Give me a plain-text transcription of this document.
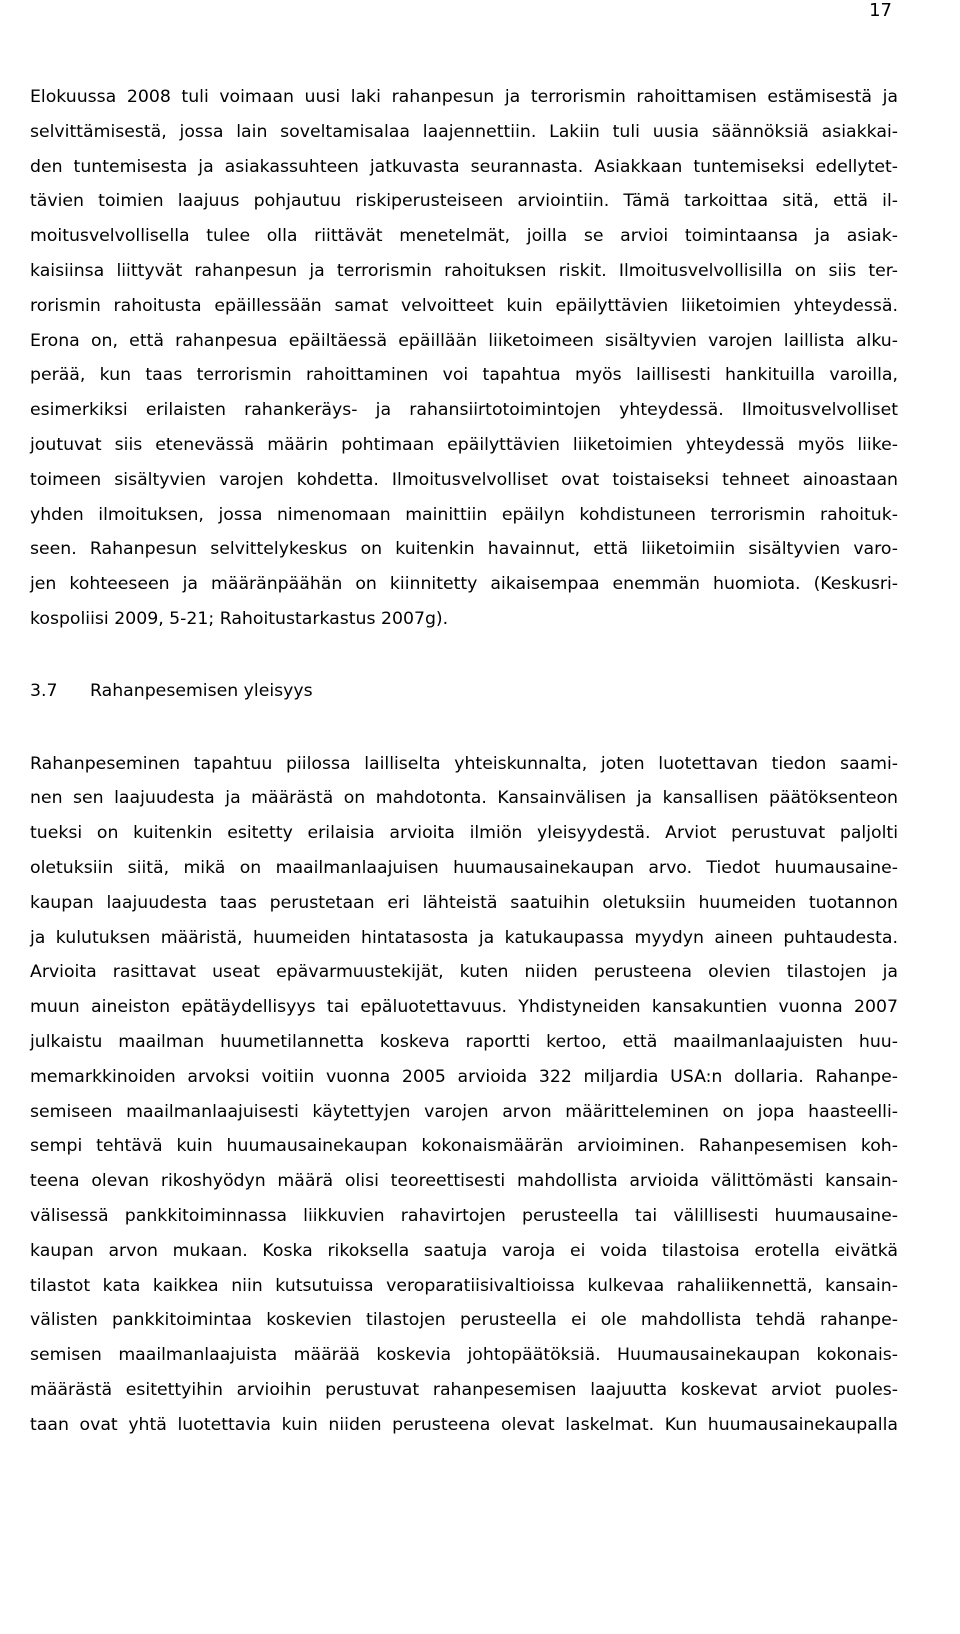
17
Elokuussa 2008 tuli voimaan uusi laki rahanpesun ja terrorismin rahoittamisen estämisestä ja
selvittämisestä, jossa lain soveltamisalaa laajennettiin. Lakiin tuli uusia säännöksiä asiakkai-
den tuntemisesta ja asiakassuhteen jatkuvasta seurannasta. Asiakkaan tuntemiseksi edellytet-
tävien toimien laajuus pohjautuu riskiperusteiseen arviointiin. Tämä tarkoittaa sitä, että il-
moitusvelvollisella tulee olla riittävät menetelmät, joilla se arvioi toimintaansa ja asiak-
kaisiinsa liittyvät rahanpesun ja terrorismin rahoituksen riskit. Ilmoitusvelvollisilla on siis ter-
rorismin rahoitusta epäillessään samat velvoitteet kuin epäilyttävien liiketoimien yhteydessä.
Erona on, että rahanpesua epäiltäessä epäillään liiketoimeen sisältyvien varojen laillista alku-
perää, kun taas terrorismin rahoittaminen voi tapahtua myös laillisesti hankituilla varoilla,
esimerkiksi erilaisten rahankeräys- ja rahansiirtotoimintojen yhteydessä. Ilmoitusvelvolliset
joutuvat siis etenevässä määrin pohtimaan epäilyttävien liiketoimien yhteydessä myös liike-
toimeen sisältyvien varojen kohdetta. Ilmoitusvelvolliset ovat toistaiseksi tehneet ainoastaan
yhden ilmoituksen, jossa nimenomaan mainittiin epäilyn kohdistuneen terrorismin rahoituk-
seen. Rahanpesun selvittelykeskus on kuitenkin havainnut, että liiketoimiin sisältyvien varo-
jen kohteeseen ja määränpäähän on kiinnitetty aikaisempaa enemmän huomiota. (Keskusri-
kospoliisi 2009, 5-21; Rahoitustarkastus 2007g).
3.7	Rahanpesemisen yleisyys
Rahanpeseminen tapahtuu piilossa lailliselta yhteiskunnalta, joten luotettavan tiedon saami-
nen sen laajuudesta ja määrästä on mahdotonta. Kansainvälisen ja kansallisen päätöksenteon
tueksi on kuitenkin esitetty erilaisia arvioita ilmiön yleisyydestä. Arviot perustuvat paljolti
oletuksiin siitä, mikä on maailmanlaajuisen huumausainekaupan arvo. Tiedot huumausaine-
kaupan laajuudesta taas perustetaan eri lähteistä saatuihin oletuksiin huumeiden tuotannon
ja kulutuksen määristä, huumeiden hintatasosta ja katukaupassa myydyn aineen puhtaudesta.
Arvioita rasittavat useat epävarmuustekijät, kuten niiden perusteena olevien tilastojen ja
muun aineiston epätäydellisyys tai epäluotettavuus. Yhdistyneiden kansakuntien vuonna 2007
julkaistu maailman huumetilannetta koskeva raportti kertoo, että maailmanlaajuisten huu-
memarkkinoiden arvoksi voitiin vuonna 2005 arvioida 322 miljardia USA:n dollaria. Rahanpe-
semiseen maailmanlaajuisesti käytettyjen varojen arvon määritteleminen on jopa haasteelli-
sempi tehtävä kuin huumausainekaupan kokonaismäärän arvioiminen. Rahanpesemisen koh-
teena olevan rikoshyödyn määrä olisi teoreettisesti mahdollista arvioida välittömästi kansain-
välisessä pankkitoiminnassa liikkuvien rahavirtojen perusteella tai välillisesti huumausaine-
kaupan arvon mukaan. Koska rikoksella saatuja varoja ei voida tilastoisa erotella eivätkä
tilastot kata kaikkea niin kutsutuissa veroparatiisivaltioissa kulkevaa rahaliikennettä, kansain-
välisten pankkitoimintaa koskevien tilastojen perusteella ei ole mahdollista tehdä rahanpe-
semisen maailmanlaajuista määrää koskevia johtopäätöksiä. Huumausainekaupan kokonais-
määrästä esitettyihin arvioihin perustuvat rahanpesemisen laajuutta koskevat arviot puoles-
taan ovat yhtä luotettavia kuin niiden perusteena olevat laskelmat. Kun huumausainekaupalla
